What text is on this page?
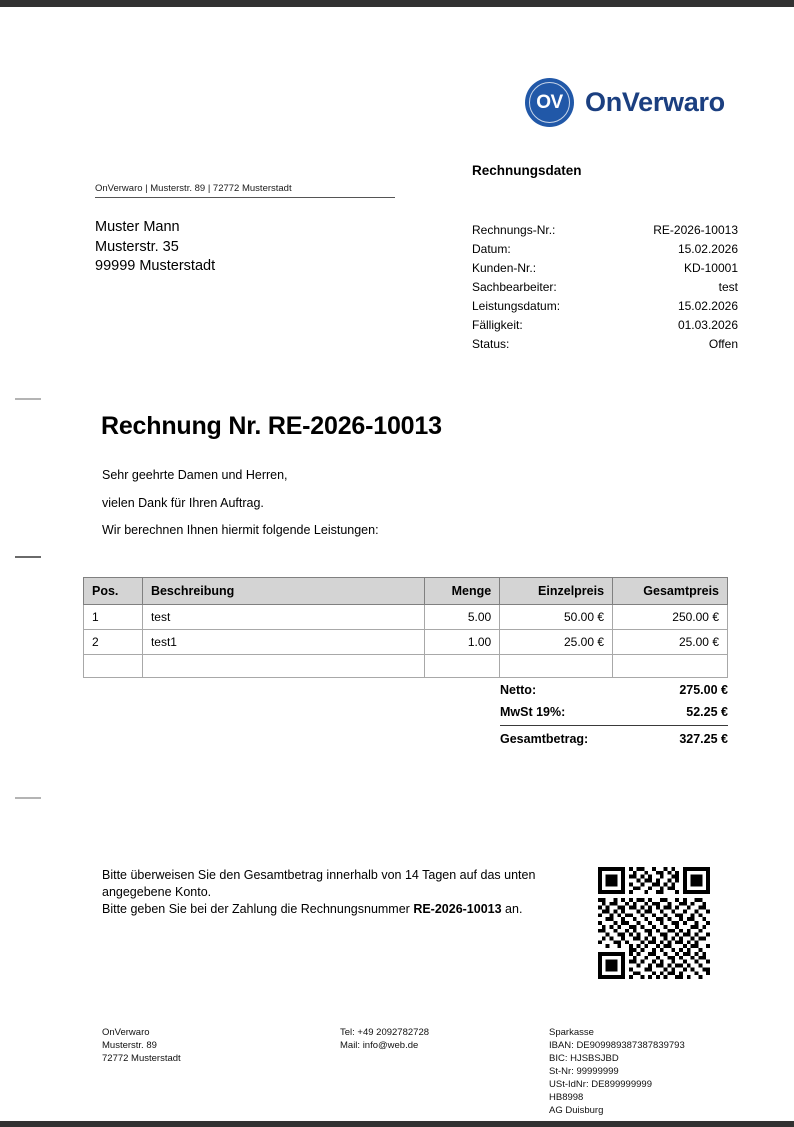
OV OnVerwaro
OnVerwaro | Musterstr. 89 | 72772 Musterstadt
Muster Mann
Musterstr. 35
99999 Musterstadt
Rechnungsdaten
Rechnungs-Nr.:	RE-2026-10013
Datum:	15.02.2026
Kunden-Nr.:	KD-10001
Sachbearbeiter:	test
Leistungsdatum:	15.02.2026
Fälligkeit:	01.03.2026
Status:	Offen
Rechnung Nr. RE-2026-10013

Sehr geehrte Damen und Herren,

vielen Dank für Ihren Auftrag.

Wir berechnen Ihnen hiermit folgende Leistungen:

Pos.	Beschreibung	Menge	Einzelpreis	Gesamtpreis
1	test	5.00	50.00 €	250.00 €
2	test1	1.00	25.00 €	25.00 €

Netto:	275.00 €
MwSt 19%:	52.25 €
Gesamtbetrag:	327.25 €
Bitte überweisen Sie den Gesamtbetrag innerhalb von 14 Tagen auf das unten angegebene Konto.
Bitte geben Sie bei der Zahlung die Rechnungsnummer RE-2026-10013 an.
OnVerwaro
Musterstr. 89
72772 Musterstadt
Tel: +49 2092782728
Mail: info@web.de
Sparkasse
IBAN: DE909989387387839793
BIC: HJSBSJBD
St-Nr: 99999999
USt-IdNr: DE899999999
HB8998
AG Duisburg
